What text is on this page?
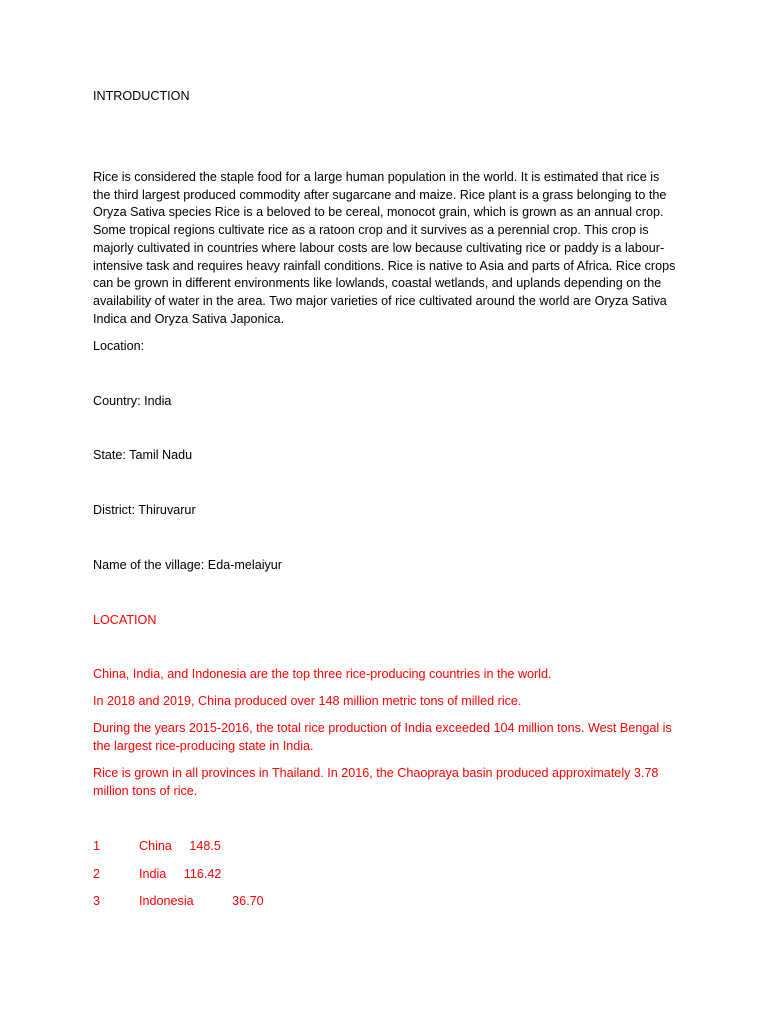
INTRODUCTION
Rice is considered the staple food for a large human population in the world. It is estimated that rice is the third largest produced commodity after sugarcane and maize. Rice plant is a grass belonging to the Oryza Sativa species Rice is a beloved to be cereal, monocot grain, which is grown as an annual crop. Some tropical regions cultivate rice as a ratoon crop and it survives as a perennial crop. This crop is majorly cultivated in countries where labour costs are low because cultivating rice or paddy is a labour-intensive task and requires heavy rainfall conditions. Rice is native to Asia and parts of Africa. Rice crops can be grown in different environments like lowlands, coastal wetlands, and uplands depending on the availability of water in the area. Two major varieties of rice cultivated around the world are Oryza Sativa Indica and Oryza Sativa Japonica.
Location:
Country: India
State: Tamil Nadu
District: Thiruvarur
Name of the village: Eda-melaiyur
LOCATION
China, India, and Indonesia are the top three rice-producing countries in the world.
In 2018 and 2019, China produced over 148 million metric tons of milled rice.
During the years 2015-2016, the total rice production of India exceeded 104 million tons. West Bengal is the largest rice-producing state in India.
Rice is grown in all provinces in Thailand. In 2016, the Chaopraya basin produced approximately 3.78 million tons of rice.
1	China     148.5
2	India     116.42
3	Indonesia           36.70
